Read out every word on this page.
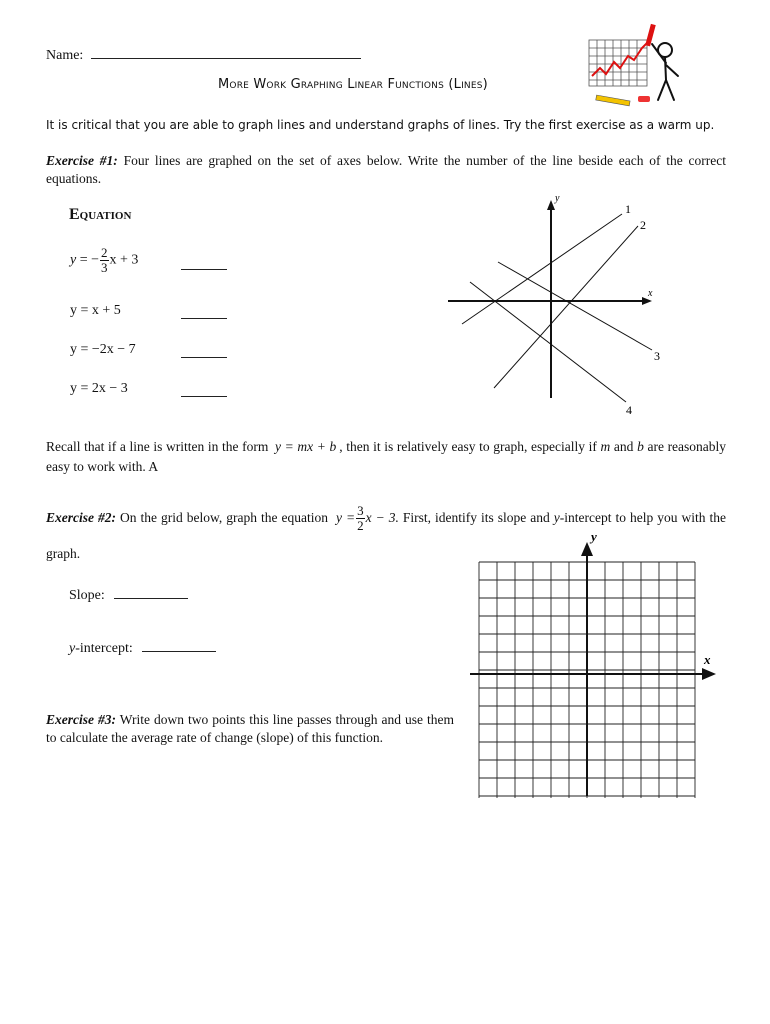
Name:
More Work Graphing Linear Functions (Lines)
It is critical that you are able to graph lines and understand graphs of lines. Try the first exercise as a warm up.
Exercise #1: Four lines are graphed on the set of axes below. Write the number of the line beside each of the correct equations.
Equation
y = − $\frac{2}{3}$ x + 3
y = x + 5
y = −2x − 7
y = 2x − 3
x
y
1
2
3
4
Recall that if a line is written in the form y = mx + b , then it is relatively easy to graph, especially if m and b are reasonably easy to work with. A
Exercise #2: On the grid below, graph the equation $y = \frac{3}{2}$ x − 3. First, identify its slope and y-intercept to help you with the graph.
Slope:
y-intercept:
x
y
Exercise #3: Write down two points this line passes through and use them to calculate the average rate of change (slope) of this function.
